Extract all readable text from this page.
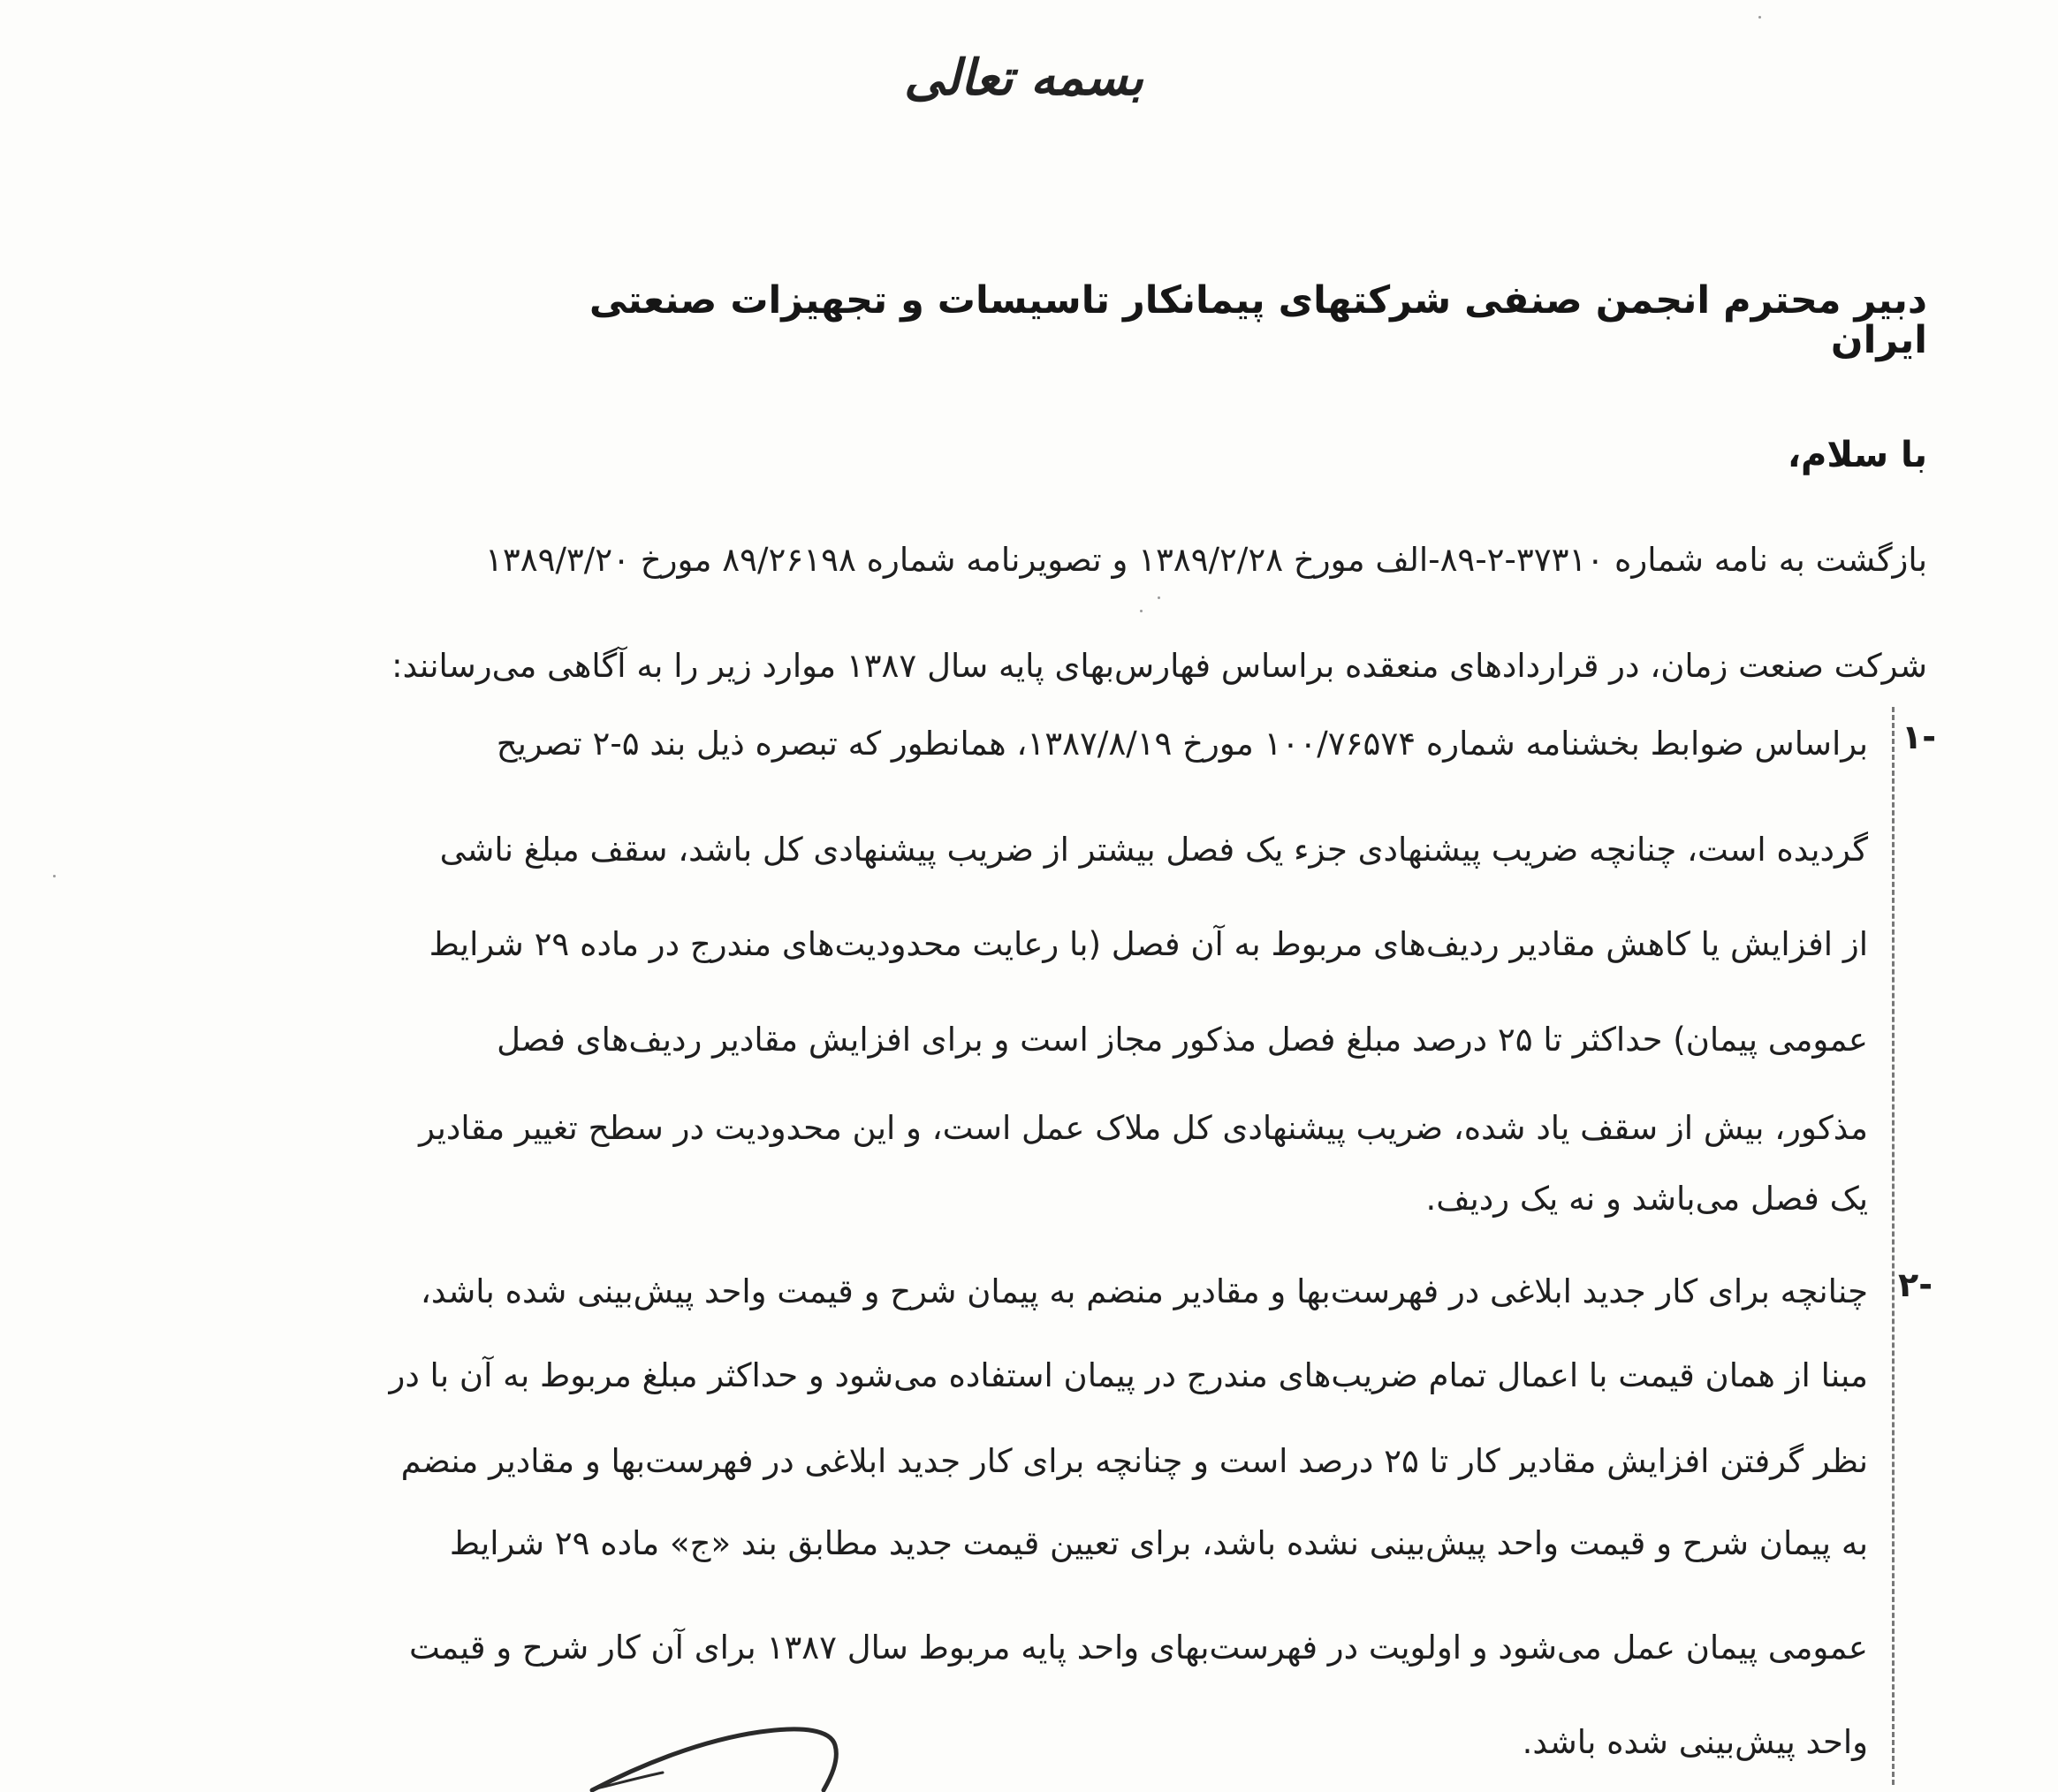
بسمه تعالی
دبیر محترم انجمن صنفی شرکتهای پیمانکار تاسیسات و تجهیزات صنعتی
ایران
با سلام،
بازگشت به نامه شماره ۳۷۳۱۰-۲-۸۹-الف مورخ ۱۳۸۹/۲/۲۸ و تصویرنامه شماره ۸۹/۲۶۱۹۸ مورخ ۱۳۸۹/۳/۲۰
شرکت صنعت زمان، در قراردادهای منعقده براساس فهارس‌بهای پایه سال ۱۳۸۷ موارد زیر را به آگاهی می‌رسانند:
۱-
براساس ضوابط بخشنامه شماره ۱۰۰/۷۶۵۷۴ مورخ ۱۳۸۷/۸/۱۹، همانطور که تبصره ذیل بند ۵-۲ تصریح
گردیده است، چنانچه ضریب پیشنهادی جزء یک فصل بیشتر از ضریب پیشنهادی کل باشد، سقف مبلغ ناشی
از افزایش یا کاهش مقادیر ردیف‌های مربوط به آن فصل (با رعایت محدودیت‌های مندرج در ماده ۲۹ شرایط
عمومی پیمان) حداکثر تا ۲۵ درصد مبلغ فصل مذکور مجاز است و برای افزایش مقادیر ردیف‌های فصل
مذکور، بیش از سقف یاد شده، ضریب پیشنهادی کل ملاک عمل است، و این محدودیت در سطح تغییر مقادیر
یک فصل می‌باشد و نه یک ردیف.
۲-
چنانچه برای کار جدید ابلاغی در فهرست‌بها و مقادیر منضم به پیمان شرح و قیمت واحد پیش‌بینی شده باشد،
مبنا از همان قیمت با اعمال تمام ضریب‌های مندرج در پیمان استفاده می‌شود و حداکثر مبلغ مربوط به آن با در
نظر گرفتن افزایش مقادیر کار تا ۲۵ درصد است و چنانچه برای کار جدید ابلاغی در فهرست‌بها و مقادیر منضم
به پیمان شرح و قیمت واحد پیش‌بینی نشده باشد، برای تعیین قیمت جدید مطابق بند «ج» ماده ۲۹ شرایط
عمومی پیمان عمل می‌شود و اولویت در فهرست‌بهای واحد پایه مربوط سال ۱۳۸۷ برای آن کار شرح و قیمت
واحد پیش‌بینی شده باشد.
